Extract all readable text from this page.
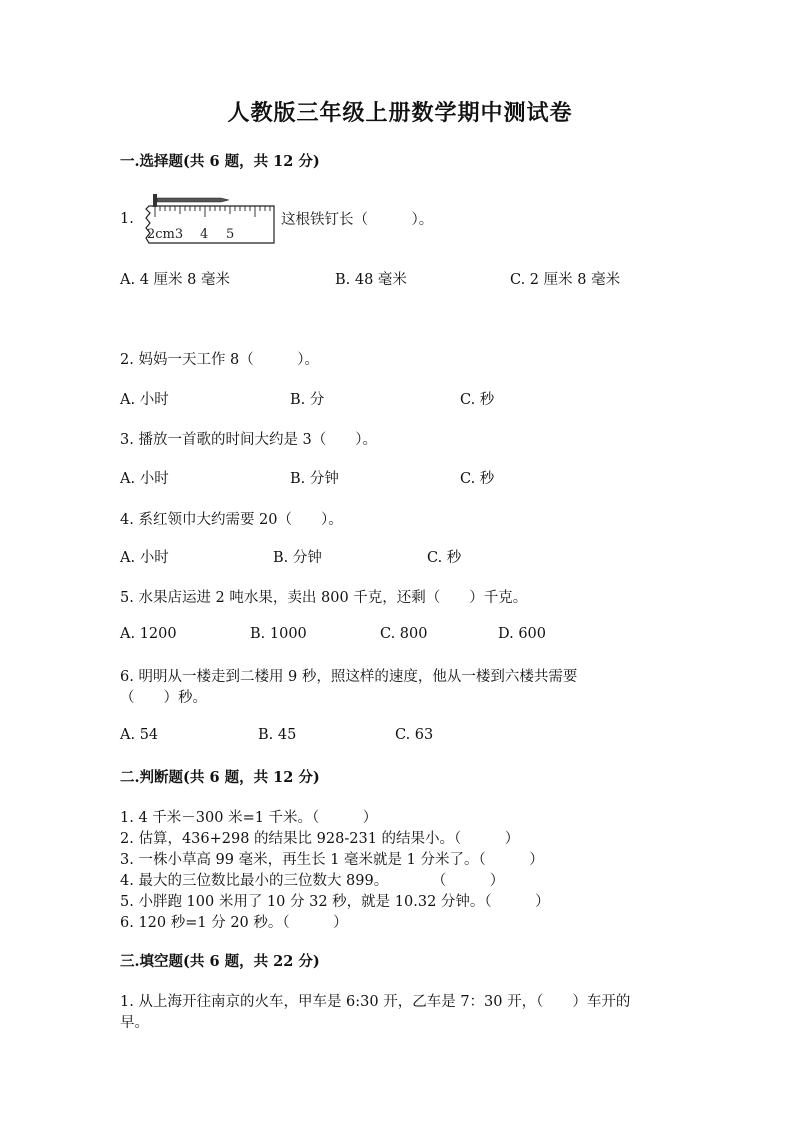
人教版三年级上册数学期中测试卷
一.选择题(共 6 题，共 12 分)
1.
2cm3 4 5
这根铁钉长（　　　）。
A. 4 厘米 8 毫米	B. 48 毫米	C. 2 厘米 8 毫米
2. 妈妈一天工作 8（　　　）。
A. 小时	B. 分	C. 秒
3. 播放一首歌的时间大约是 3（　　）。
A. 小时	B. 分钟	C. 秒
4. 系红领巾大约需要 20（　　）。
A. 小时	B. 分钟	C. 秒
5. 水果店运进 2 吨水果，卖出 800 千克，还剩（　　）千克。
A. 1200	B. 1000	C. 800	D. 600
6. 明明从一楼走到二楼用 9 秒，照这样的速度，他从一楼到六楼共需要
（　　）秒。
A. 54	B. 45	C. 63
二.判断题(共 6 题，共 12 分)
1. 4 千米－300 米=1 千米。（　　　）
2. 估算，436+298 的结果比 928-231 的结果小。（　　　）
3. 一株小草高 99 毫米，再生长 1 毫米就是 1 分米了。（　　　）
4. 最大的三位数比最小的三位数大 899。　　　　（　　　）
5. 小胖跑 100 米用了 10 分 32 秒，就是 10.32 分钟。（　　　）
6. 120 秒=1 分 20 秒。（　　　）
三.填空题(共 6 题，共 22 分)
1. 从上海开往南京的火车，甲车是 6:30 开，乙车是 7：30 开，（　　）车开的
早。
